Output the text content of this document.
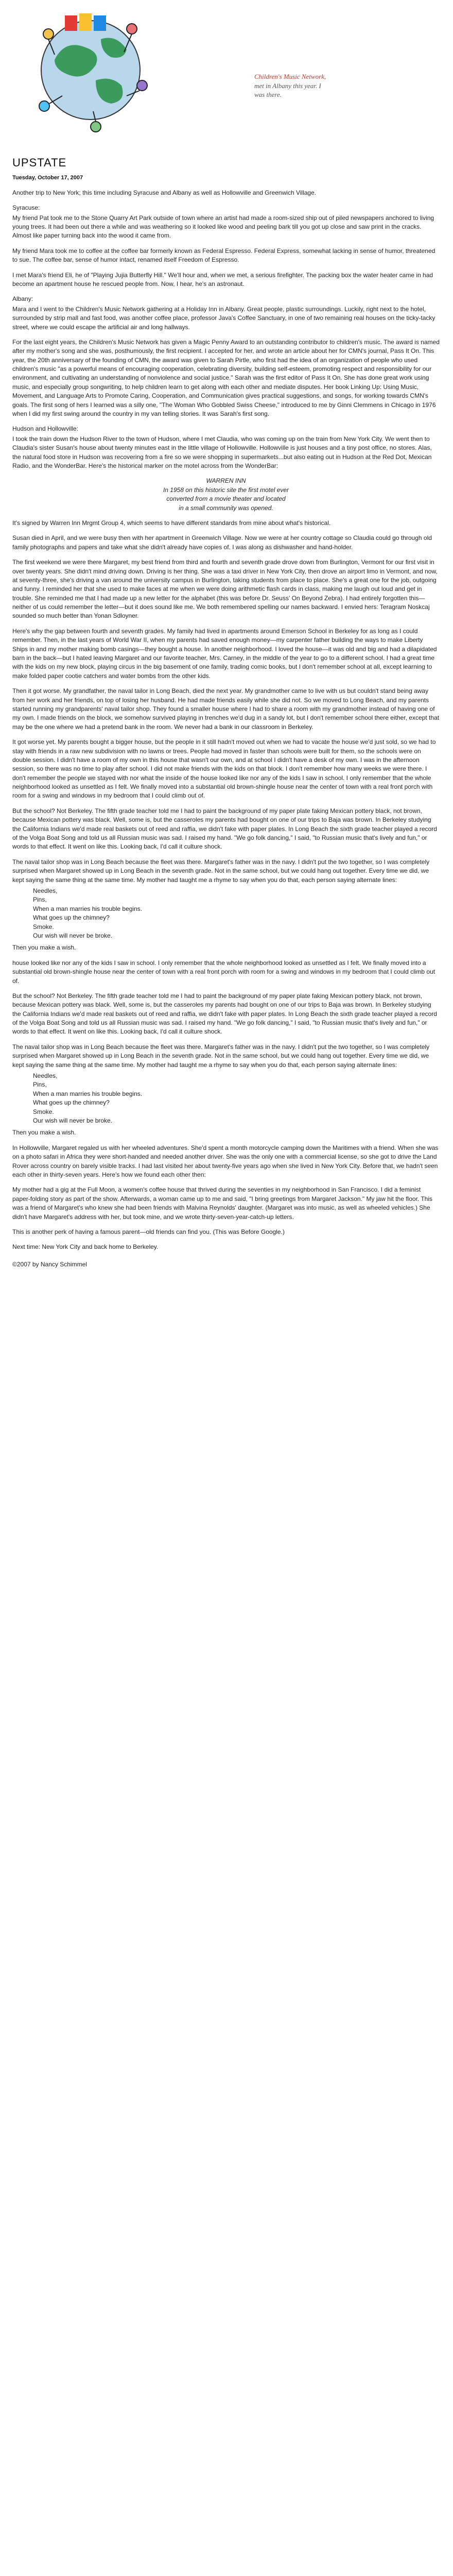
Children's Music Network,
met in Albany this year. I was there.
UPSTATE
Tuesday, October 17, 2007

Another trip to New York; this time including Syracuse and Albany as well as Hollowville and Greenwich Village.

Syracuse:

My friend Pat took me to the Stone Quarry Art Park outside of town where an artist had made a room-sized ship out of piled newspapers anchored to living young trees. It had been out there a while and was weathering so it looked like wood and peeling bark till you got up close and saw print in the cracks. Almost like paper turning back into the wood it came from.

My friend Mara took me to coffee at the coffee bar formerly known as Federal Espresso. Federal Express, somewhat lacking in sense of humor, threatened to sue. The coffee bar, sense of humor intact, renamed itself Freedom of Espresso.

I met Mara's friend Eli, he of "Playing Jujia Butterfly Hill." We'll hour and, when we met, a serious firefighter. The packing box the water heater came in had become an apartment house he rescued people from. Now, I hear, he's an astronaut.

Albany:

Mara and I went to the Children's Music Network gathering at a Holiday Inn in Albany. Great people, plastic surroundings. Luckily, right next to the hotel, surrounded by strip mall and fast food, was another coffee place, professor Java's Coffee Sanctuary, in one of two remaining real houses on the ticky-tacky street, where we could escape the artificial air and long hallways.

For the last eight years, the Children's Music Network has given a Magic Penny Award to an outstanding contributor to children's music. The award is named after my mother's song and she was, posthumously, the first recipient. I accepted for her, and wrote an article about her for CMN's journal, Pass It On. This year, the 20th anniversary of the founding of CMN, the award was given to Sarah Pirtle, who first had the idea of an organization of people who used children's music "as a powerful means of encouraging cooperation, celebrating diversity, building self-esteem, promoting respect and responsibility for our environment, and cultivating an understanding of nonviolence and social justice." Sarah was the first editor of Pass It On. She has done great work using music, and especially group songwriting, to help children learn to get along with each other and mediate disputes. Her book Linking Up: Using Music, Movement, and Language Arts to Promote Caring, Cooperation, and Communication gives practical suggestions, and songs, for working towards CMN's goals. The first song of hers I learned was a silly one, "The Woman Who Gobbled Swiss Cheese," introduced to me by Ginni Clemmens in Chicago in 1976 when I did my first swing around the country in my van telling stories. It was Sarah's first song.

Hudson and Hollowville:

I took the train down the Hudson River to the town of Hudson, where I met Claudia, who was coming up on the train from New York City. We went then to Claudia's sister Susan's house about twenty minutes east in the little village of Hollowville. Hollowville is just houses and a tiny post office, no stores. Alas, the natural food store in Hudson was recovering from a fire so we were shopping in supermarkets...but also eating out in Hudson at the Red Dot, Mexican Radio, and the WonderBar. Here's the historical marker on the motel across from the WonderBar:

WARREN INN

In 1958 on this historic site the first motel ever

converted from a movie theater and located

in a small community was opened.

It's signed by Warren Inn Mrgmt Group 4, which seems to have different standards from mine about what's historical.

Susan died in April, and we were busy then with her apartment in Greenwich Village. Now we were at her country cottage so Claudia could go through old family photographs and papers and take what she didn't already have copies of. I was along as dishwasher and hand-holder.

The first weekend we were there Margaret, my best friend from third and fourth and seventh grade drove down from Burlington, Vermont for our first visit in over twenty years. She didn't mind driving down. Driving is her thing. She was a taxi driver in New York City, then drove an airport limo in Vermont, and now, at seventy-three, she's driving a van around the university campus in Burlington, taking students from place to place. She's a great one for the job, outgoing and funny. I reminded her that she used to make faces at me when we were doing arithmetic flash cards in class, making me laugh out loud and get in trouble. She reminded me that I had made up a new letter for the alphabet (this was before Dr. Seuss' On Beyond Zebra). I had entirely forgotten this—neither of us could remember the letter—but it does sound like me. We both remembered spelling our names backward. I envied hers: Teragram Noskcaj sounded so much better than Yonan Sdloyner.

Here's why the gap between fourth and seventh grades. My family had lived in apartments around Emerson School in Berkeley for as long as I could remember. Then, in the last years of World War II, when my parents had saved enough money—my carpenter father building the ways to make Liberty Ships in and my mother making bomb casings—they bought a house. In another neighborhood. I loved the house—it was old and big and had a dilapidated barn in the back—but I hated leaving Margaret and our favorite teacher, Mrs. Carney, in the middle of the year to go to a different school. I had a great time with the kids on my new block, playing circus in the big basement of one family, trading comic books, but I don't remember school at all, except learning to make folded paper cootie catchers and water bombs from the other kids.

Then it got worse. My grandfather, the naval tailor in Long Beach, died the next year. My grandmother came to live with us but couldn't stand being away from her work and her friends, on top of losing her husband. He had made friends easily while she did not. So we moved to Long Beach, and my parents started running my grandparents' naval tailor shop. They found a smaller house where I had to share a room with my grandmother instead of having one of my own. I made friends on the block, we somehow survived playing in trenches we'd dug in a sandy lot, but I don't remember school there either, except that may be the one where we had a pretend bank in the room. We never had a bank in our classroom in Berkeley.

It got worse yet. My parents bought a bigger house, but the people in it still hadn't moved out when we had to vacate the house we'd just sold, so we had to stay with friends in a raw new subdivision with no lawns or trees. People had moved in faster than schools were built for them, so the schools were on double session. I didn't have a room of my own in this house that wasn't our own, and at school I didn't have a desk of my own. I was in the afternoon session, so there was no time to play after school. I did not make friends with the kids on that block. I don't remember how many weeks we were there. I don't remember the people we stayed with nor what the inside of the house looked like nor any of the kids I saw in school. I only remember that the whole neighborhood looked as unsettled as I felt. We finally moved into a substantial old brown-shingle house near the center of town with a real front porch with room for a swing and windows in my bedroom that I could climb out of.

But the school? Not Berkeley. The fifth grade teacher told me I had to paint the background of my paper plate faking Mexican pottery black, not brown, because Mexican pottery was black. Well, some is, but the casseroles my parents had bought on one of our trips to Baja was brown. In Berkeley studying the California Indians we'd made real baskets out of reed and raffia, we didn't fake with paper plates. In Long Beach the sixth grade teacher played a record of the Volga Boat Song and told us all Russian music was sad. I raised my hand. "We go folk dancing," I said, "to Russian music that's lively and fun," or words to that effect. It went on like this. Looking back, I'd call it culture shock.

The naval tailor shop was in Long Beach because the fleet was there. Margaret's father was in the navy. I didn't put the two together, so I was completely surprised when Margaret showed up in Long Beach in the seventh grade. Not in the same school, but we could hang out together. Every time we did, we kept saying the same thing at the same time. My mother had taught me a rhyme to say when you do that, each person saying alternate lines:

Needles,
Pins,
When a man marries his trouble begins.
What goes up the chimney?
Smoke.
Our wish will never be broke.

Then you make a wish.

house looked like nor any of the kids I saw in school. I only remember that the whole neighborhood looked as unsettled as I felt. We finally moved into a substantial old brown-shingle house near the center of town with a real front porch with room for a swing and windows in my bedroom that I could climb out of.

But the school? Not Berkeley. The fifth grade teacher told me I had to paint the background of my paper plate faking Mexican pottery black, not brown, because Mexican pottery was black. Well, some is, but the casseroles my parents had bought on one of our trips to Baja was brown. In Berkeley studying the California Indians we'd made real baskets out of reed and raffia, we didn't fake with paper plates. In Long Beach the sixth grade teacher played a record of the Volga Boat Song and told us all Russian music was sad. I raised my hand. "We go folk dancing," I said, "to Russian music that's lively and fun," or words to that effect. It went on like this. Looking back, I'd call it culture shock.

The naval tailor shop was in Long Beach because the fleet was there. Margaret's father was in the navy. I didn't put the two together, so I was completely surprised when Margaret showed up in Long Beach in the seventh grade. Not in the same school, but we could hang out together. Every time we did, we kept saying the same thing at the same time. My mother had taught me a rhyme to say when you do that, each person saying alternate lines:

Needles,
Pins,
When a man marries his trouble begins.
What goes up the chimney?
Smoke.
Our wish will never be broke.

Then you make a wish.

In Hollowville, Margaret regaled us with her wheeled adventures. She'd spent a month motorcycle camping down the Maritimes with a friend. When she was on a photo safari in Africa they were short-handed and needed another driver. She was the only one with a commercial license, so she got to drive the Land Rover across country on barely visible tracks. I had last visited her about twenty-five years ago when she lived in New York City. Before that, we hadn't seen each other in thirty-seven years. Here's how we found each other then:

My mother had a gig at the Full Moon, a women's coffee house that thrived during the seventies in my neighborhood in San Francisco. I did a feminist paper-folding story as part of the show. Afterwards, a woman came up to me and said, "I bring greetings from Margaret Jackson." My jaw hit the floor. This was a friend of Margaret's who knew she had been friends with Malvina Reynolds' daughter. (Margaret was into music, as well as wheeled vehicles.) She didn't have Margaret's address with her, but took mine, and we wrote thirty-seven-year-catch-up letters.

This is another perk of having a famous parent—old friends can find you. (This was Before Google.)

Next time: New York City and back home to Berkeley.

©2007 by Nancy Schimmel
